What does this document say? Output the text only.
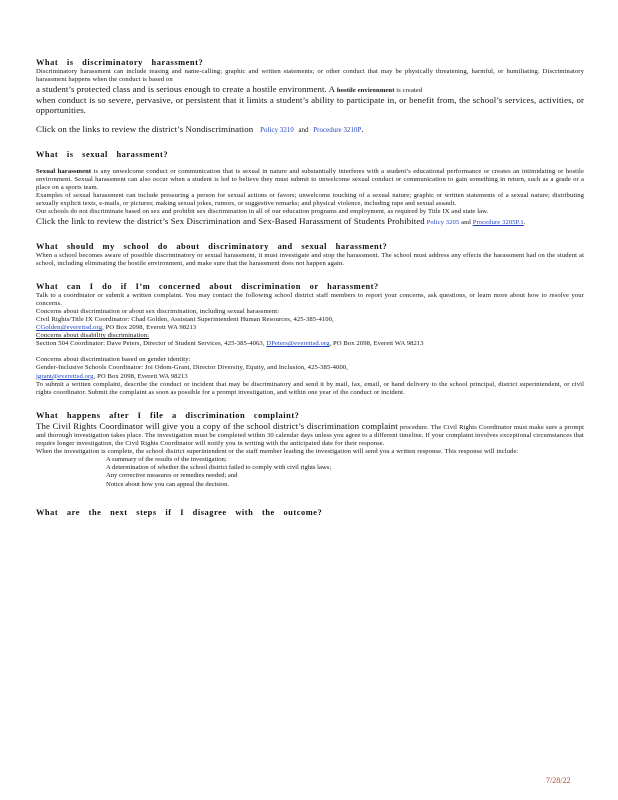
What is discriminatory harassment?

Discriminatory harassment can include teasing and name-calling; graphic and written statements; or other conduct that may be physically threatening, harmful, or humiliating. Discriminatory harassment happens when the conduct is based on

a student’s protected class and is serious enough to create a hostile environment. A hostile environment is created

when conduct is so severe, pervasive, or persistent that it limits a student’s ability to participate in, or benefit from, the school’s services, activities, or opportunities.

Click on the links to review the district’s Nondiscrimination Policy 3210 and Procedure 3210P.

What is sexual harassment?

Sexual harassment is any unwelcome conduct or communication that is sexual in nature and substantially interferes with a student’s educational performance or creates an intimidating or hostile environment. Sexual harassment can also occur when a student is led to believe they must submit to unwelcome sexual conduct or communication to gain something in return, such as a grade or a place on a sports team.

Examples of sexual harassment can include pressuring a person for sexual actions or favors; unwelcome touching of a sexual nature; graphic or written statements of a sexual nature; distributing sexually explicit texts, e-mails, or pictures; making sexual jokes, rumors, or suggestive remarks; and physical violence, including rape and sexual assault.

Our schools do not discriminate based on sex and prohibit sex discrimination in all of our education programs and employment, as required by Title IX and state law.

Click the link to review the district’s Sex Discrimination and Sex-Based Harassment of Students Prohibited Policy 3205 and Procedure 3205P.1.

What should my school do about discriminatory and sexual harassment?

When a school becomes aware of possible discriminatory or sexual harassment, it must investigate and stop the harassment. The school must address any effects the harassment had on the student at school, including eliminating the hostile environment, and make sure that the harassment does not happen again.

What can I do if I’m concerned about discrimination or harassment?

Talk to a coordinator or submit a written complaint. You may contact the following school district staff members to report your concerns, ask questions, or learn more about how to resolve your concerns.

Concerns about discrimination or about sex discrimination, including sexual harassment:

Civil Rights/Title IX Coordinator: Chad Golden, Assistant Superintendent Human Resources, 425-385-4100,

CGolden@everettsd.org, PO Box 2098, Everett WA 98213

Concerns about disability discrimination:

Section 504 Coordinator: Dave Peters, Director of Student Services, 425-385-4063, DPeters@everettsd.org, PO Box 2098, Everett WA 98213

Concerns about discrimination based on gender identity:

Gender-Inclusive Schools Coordinator: Joi Odom-Grant, Director Diversity, Equity, and Inclusion, 425-385-4000,

jgrant@everettsd.org, PO Box 2098, Everett WA 98213

To submit a written complaint, describe the conduct or incident that may be discriminatory and send it by mail, fax, email, or hand delivery to the school principal, district superintendent, or civil rights coordinator. Submit the complaint as soon as possible for a prompt investigation, and within one year of the conduct or incident.

What happens after I file a discrimination complaint?

The Civil Rights Coordinator will give you a copy of the school district’s discrimination complaint procedure. The Civil Rights Coordinator must make sure a prompt and thorough investigation takes place. The investigation must be completed within 30 calendar days unless you agree to a different timeline. If your complaint involves exceptional circumstances that require longer investigation, the Civil Rights Coordinator will notify you in writing with the anticipated date for their response.

When the investigation is complete, the school district superintendent or the staff member leading the investigation will send you a written response. This response will include:

A summary of the results of the investigation;
A determination of whether the school district failed to comply with civil rights laws;
Any corrective measures or remedies needed; and
Notice about how you can appeal the decision.
What are the next steps if I disagree with the outcome?
7/28/22
